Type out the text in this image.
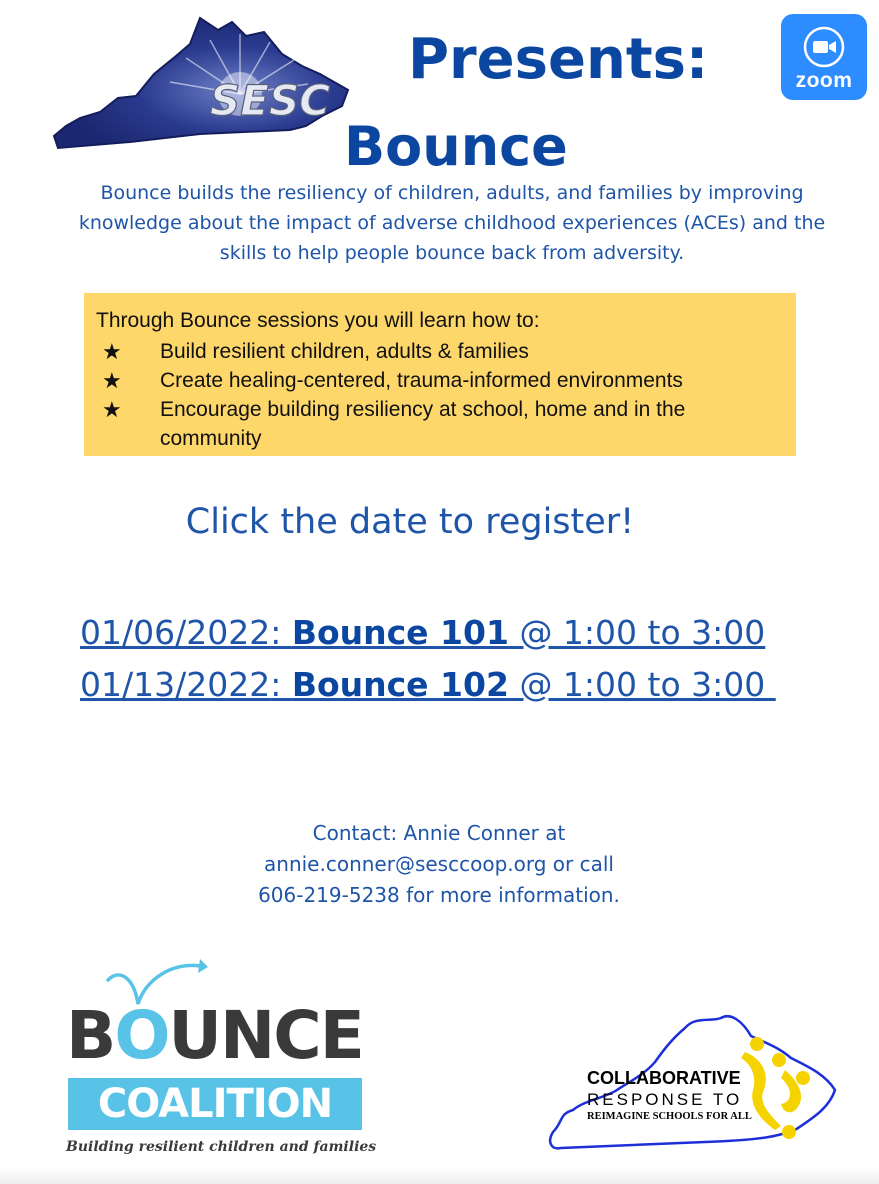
SESC
Presents:
Bounce
zoom
Bounce builds the resiliency of children, adults, and families by improving knowledge about the impact of adverse childhood experiences (ACEs) and the skills to help people bounce back from adversity.
Through Bounce sessions you will learn how to:
★ Build resilient children, adults & families
★ Create healing-centered, trauma-informed environments
★ Encourage building resiliency at school, home and in the community
Click the date to register!
01/06/2022: Bounce 101 @ 1:00 to 3:00
01/13/2022: Bounce 102 @ 1:00 to 3:00
Contact: Annie Conner at
annie.conner@sesccoop.org or call
606-219-5238 for more information.
BOUNCE
COALITION
Building resilient children and families
COLLABORATIVE
RESPONSE TO
REIMAGINE SCHOOLS FOR ALL
